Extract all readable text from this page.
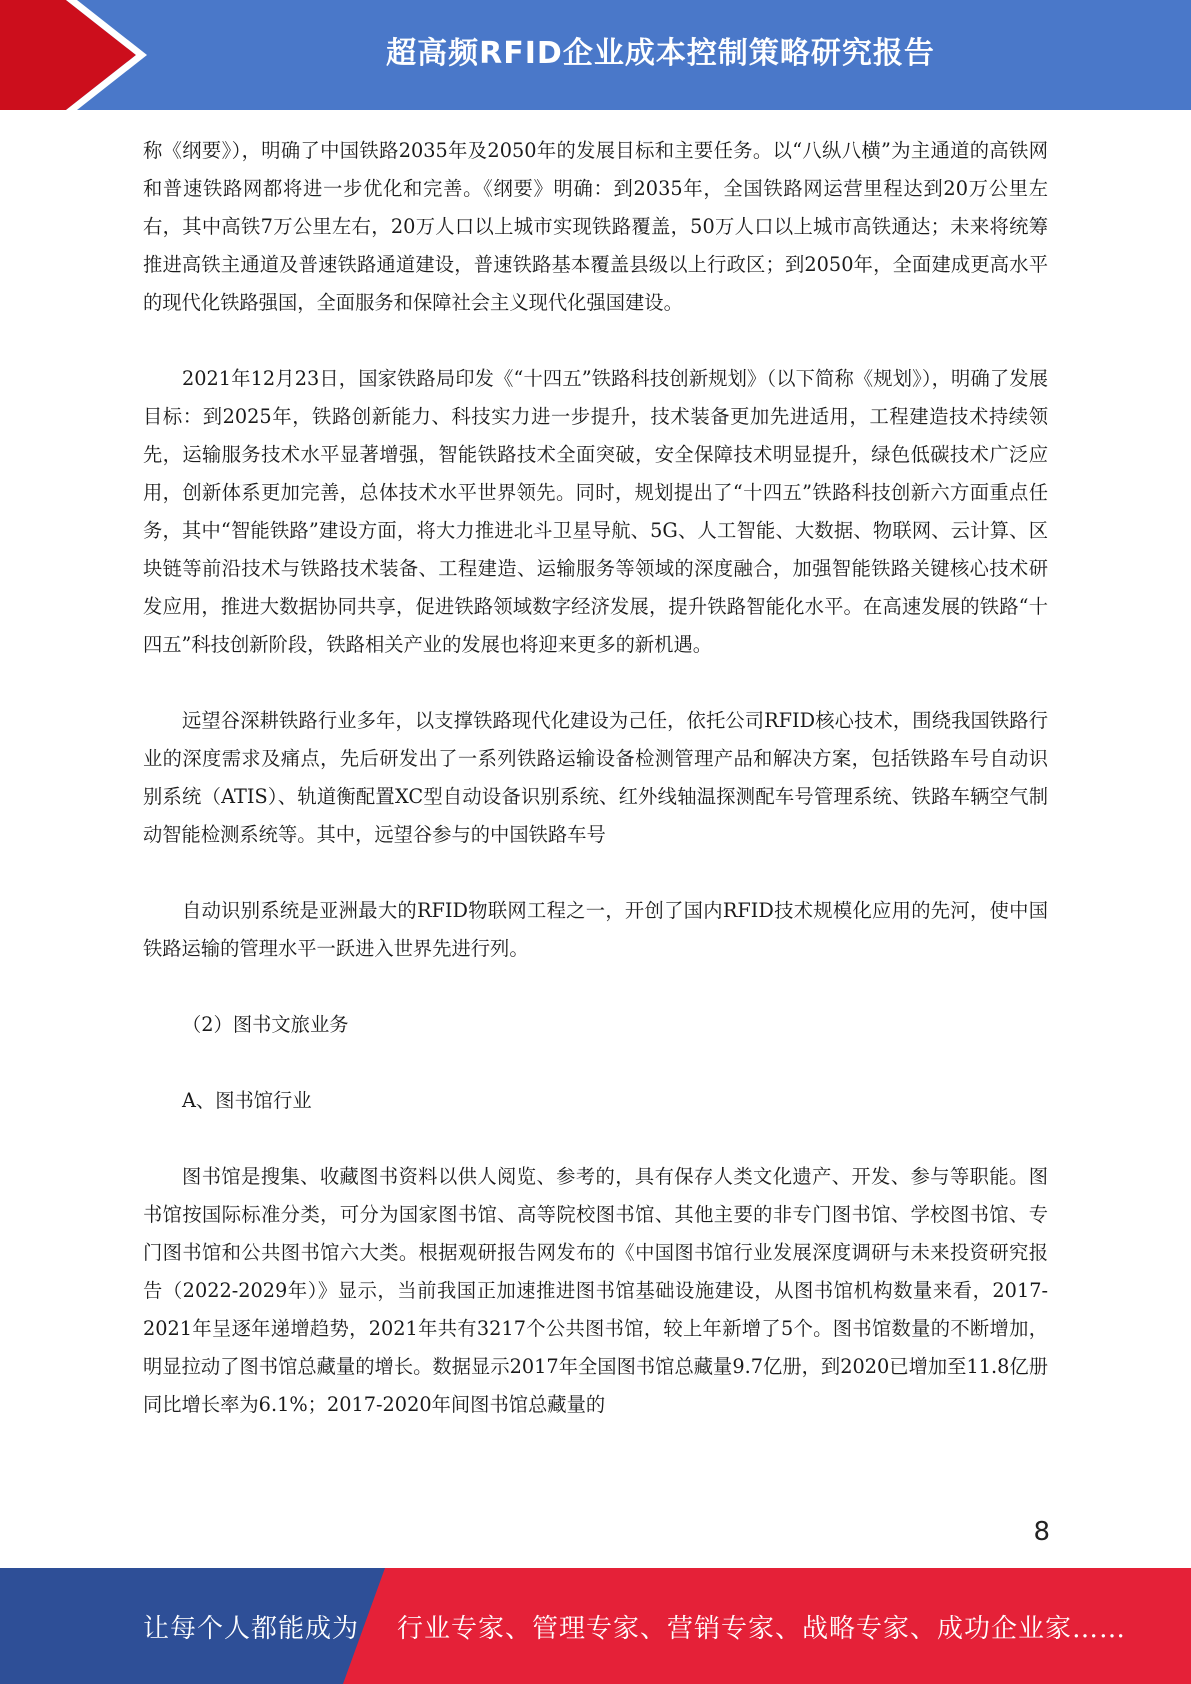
超高频RFID企业成本控制策略研究报告

称《纲要》），明确了中国铁路2035年及2050年的发展目标和主要任务。以“八纵八横”为主通道的高铁网和普速铁路网都将进一步优化和完善。《纲要》明确：到2035年，全国铁路网运营里程达到20万公里左右，其中高铁7万公里左右，20万人口以上城市实现铁路覆盖，50万人口以上城市高铁通达；未来将统筹推进高铁主通道及普速铁路通道建设，普速铁路基本覆盖县级以上行政区；到2050年，全面建成更高水平的现代化铁路强国，全面服务和保障社会主义现代化强国建设。

2021年12月23日，国家铁路局印发《“十四五”铁路科技创新规划》（以下简称《规划》），明确了发展目标：到2025年，铁路创新能力、科技实力进一步提升，技术装备更加先进适用，工程建造技术持续领先，运输服务技术水平显著增强，智能铁路技术全面突破，安全保障技术明显提升，绿色低碳技术广泛应用，创新体系更加完善，总体技术水平世界领先。同时，规划提出了“十四五”铁路科技创新六方面重点任务，其中“智能铁路”建设方面，将大力推进北斗卫星导航、5G、人工智能、大数据、物联网、云计算、区块链等前沿技术与铁路技术装备、工程建造、运输服务等领域的深度融合，加强智能铁路关键核心技术研发应用，推进大数据协同共享，促进铁路领域数字经济发展，提升铁路智能化水平。在高速发展的铁路“十四五”科技创新阶段，铁路相关产业的发展也将迎来更多的新机遇。

远望谷深耕铁路行业多年，以支撑铁路现代化建设为己任，依托公司RFID核心技术，围绕我国铁路行业的深度需求及痛点，先后研发出了一系列铁路运输设备检测管理产品和解决方案，包括铁路车号自动识别系统（ATIS）、轨道衡配置XC型自动设备识别系统、红外线轴温探测配车号管理系统、铁路车辆空气制动智能检测系统等。其中，远望谷参与的中国铁路车号

自动识别系统是亚洲最大的RFID物联网工程之一，开创了国内RFID技术规模化应用的先河，使中国铁路运输的管理水平一跃进入世界先进行列。

（2）图书文旅业务

A、图书馆行业

图书馆是搜集、收藏图书资料以供人阅览、参考的，具有保存人类文化遗产、开发、参与等职能。图书馆按国际标准分类，可分为国家图书馆、高等院校图书馆、其他主要的非专门图书馆、学校图书馆、专门图书馆和公共图书馆六大类。根据观研报告网发布的《中国图书馆行业发展深度调研与未来投资研究报告（2022-2029年）》显示，当前我国正加速推进图书馆基础设施建设，从图书馆机构数量来看，2017-2021年呈逐年递增趋势，2021年共有3217个公共图书馆，较上年新增了5个。图书馆数量的不断增加，明显拉动了图书馆总藏量的增长。数据显示2017年全国图书馆总藏量9.7亿册，到2020已增加至11.8亿册同比增长率为6.1%；2017-2020年间图书馆总藏量的

8
让每个人都能成为 行业专家、管理专家、营销专家、战略专家、成功企业家……
